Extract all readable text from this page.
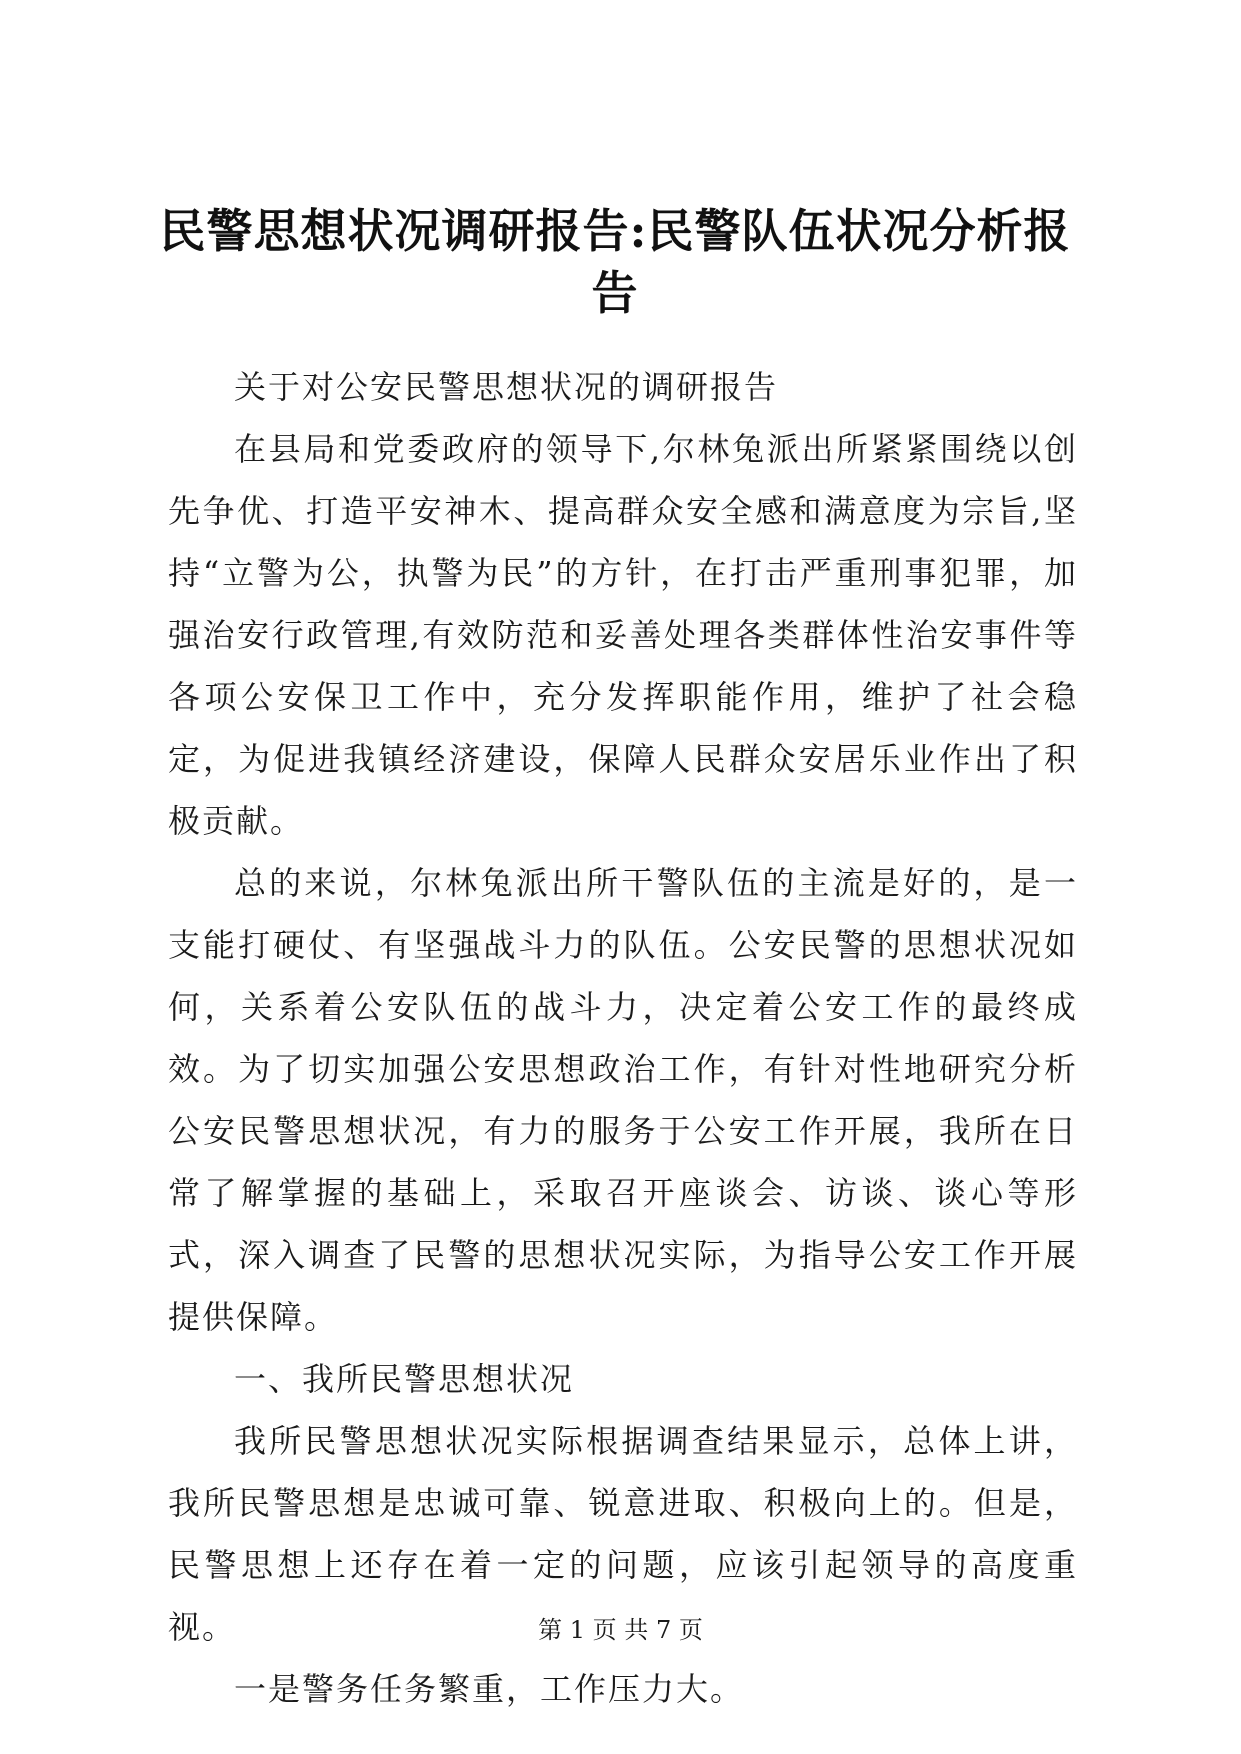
民警思想状况调研报告:民警队伍状况分析报告

关于对公安民警思想状况的调研报告

在县局和党委政府的领导下,尔林兔派出所紧紧围绕以创先争优、打造平安神木、提高群众安全感和满意度为宗旨,坚持“立警为公，执警为民”的方针，在打击严重刑事犯罪，加强治安行政管理,有效防范和妥善处理各类群体性治安事件等各项公安保卫工作中，充分发挥职能作用，维护了社会稳定，为促进我镇经济建设，保障人民群众安居乐业作出了积极贡献。

总的来说，尔林兔派出所干警队伍的主流是好的，是一支能打硬仗、有坚强战斗力的队伍。公安民警的思想状况如何，关系着公安队伍的战斗力，决定着公安工作的最终成效。为了切实加强公安思想政治工作，有针对性地研究分析公安民警思想状况，有力的服务于公安工作开展，我所在日常了解掌握的基础上，采取召开座谈会、访谈、谈心等形式，深入调查了民警的思想状况实际，为指导公安工作开展提供保障。

一、我所民警思想状况

我所民警思想状况实际根据调查结果显示，总体上讲，我所民警思想是忠诚可靠、锐意进取、积极向上的。但是，民警思想上还存在着一定的问题，应该引起领导的高度重视。

一是警务任务繁重，工作压力大。

第 1 页 共 7 页
